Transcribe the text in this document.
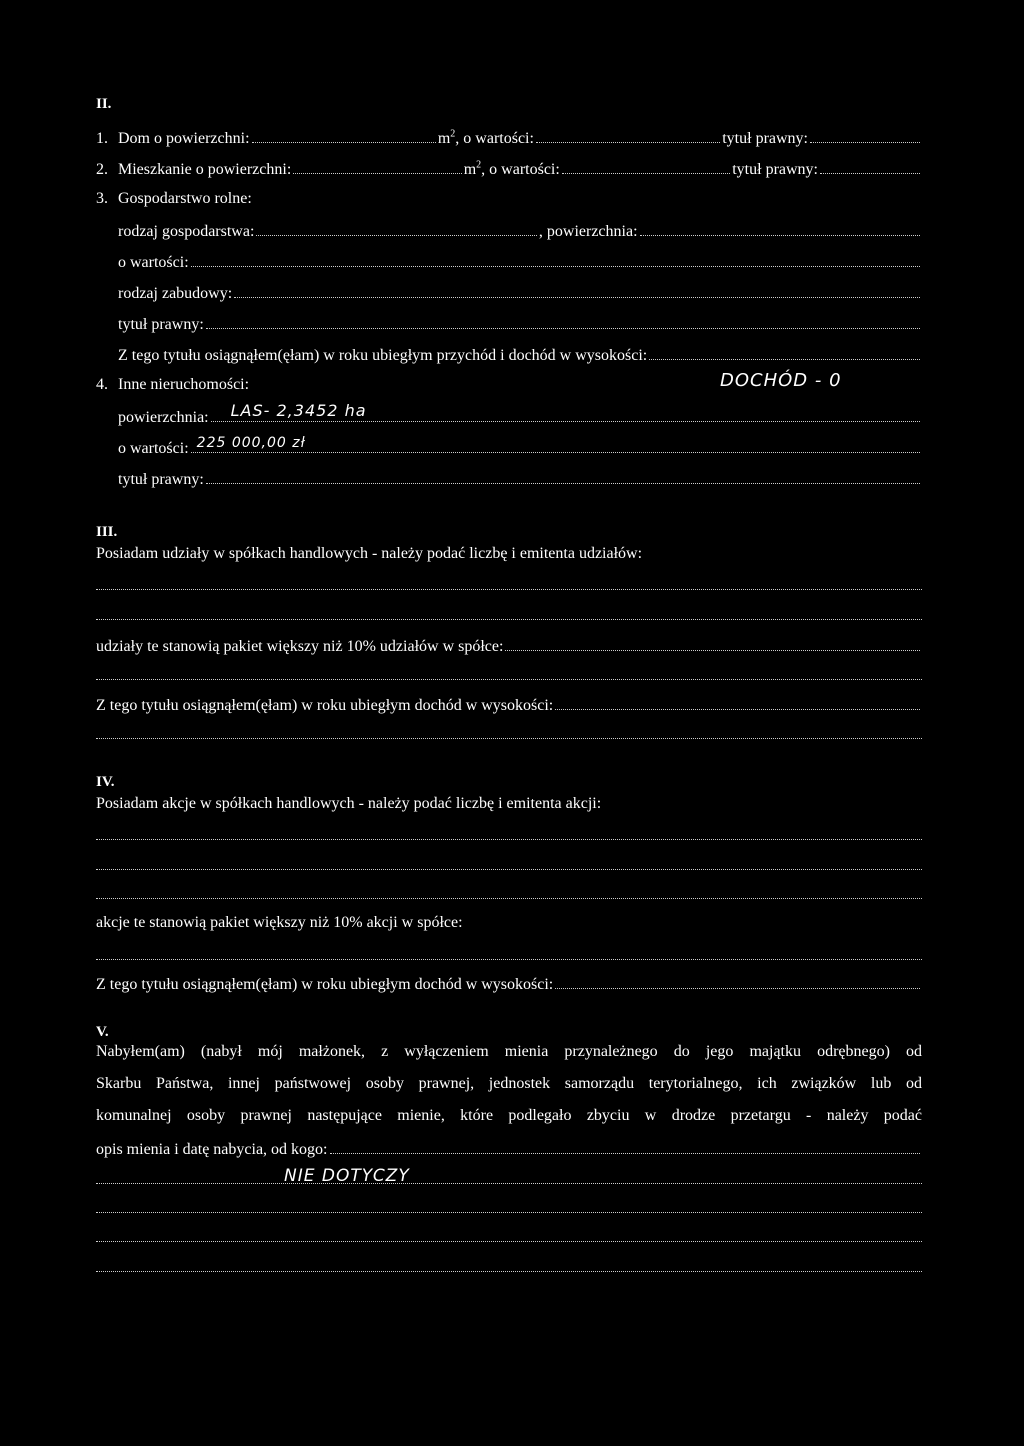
II.
1. Dom o powierzchni:	$m^2$ , o wartości:	tytuł prawny:
2. Mieszkanie o powierzchni:	$m^2$ , o wartości:	tytuł prawny:
3. Gospodarstwo rolne:
rodzaj gospodarstwa:	, powierzchnia:
o wartości:
rodzaj zabudowy:
tytuł prawny:
Z tego tytułu osiągnąłem(ęłam) w roku ubiegłym przychód i dochód w wysokości:
4. Inne nieruchomości:	DOCHÓD - 0
powierzchnia: LAS- 2,3452 ha
o wartości: 225 000,00 zł
tytuł prawny:
III.
Posiadam udziały w spółkach handlowych - należy podać liczbę i emitenta udziałów:
udziały te stanowią pakiet większy niż 10% udziałów w spółce:
Z tego tytułu osiągnąłem(ęłam) w roku ubiegłym dochód w wysokości:
IV.
Posiadam akcje w spółkach handlowych - należy podać liczbę i emitenta akcji:
akcje te stanowią pakiet większy niż 10% akcji w spółce:
Z tego tytułu osiągnąłem(ęłam) w roku ubiegłym dochód w wysokości:
V.
Nabyłem(am) (nabył mój małżonek, z wyłączeniem mienia przynależnego do jego majątku odrębnego) od
Skarbu Państwa, innej państwowej osoby prawnej, jednostek samorządu terytorialnego, ich związków lub od
komunalnej osoby prawnej następujące mienie, które podlegało zbyciu w drodze przetargu - należy podać
opis mienia i datę nabycia, od kogo:
NIE DOTYCZY
